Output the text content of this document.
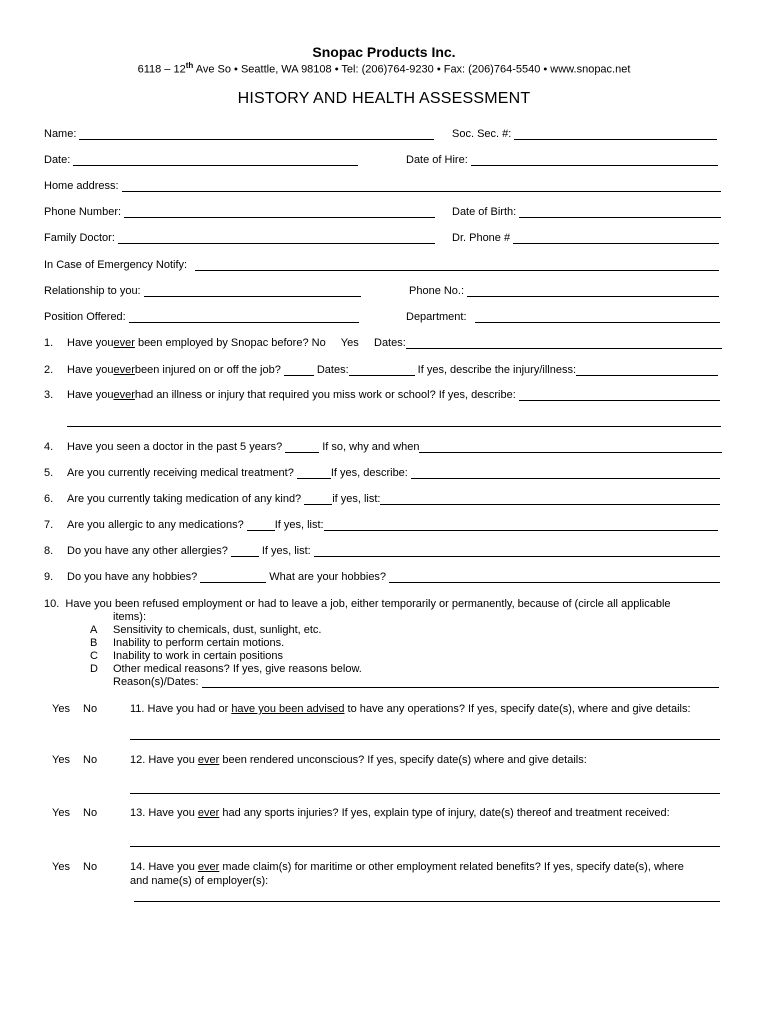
Snopac Products Inc.
6118 – 12th Ave So • Seattle, WA 98108 • Tel: (206)764-9230 • Fax: (206)764-5540 • www.snopac.net
HISTORY AND HEALTH ASSESSMENT
Name:	Soc. Sec. #:
Date:	Date of Hire:
Home address:
Phone Number:	Date of Birth:
Family Doctor:	Dr. Phone #
In Case of Emergency Notify:
Relationship to you:	Phone No.:
Position Offered:	Department:
1.	Have you ever been employed by Snopac before? No     Yes     Dates:
2.	Have you ever been injured on or off the job?	Dates:	If yes, describe the injury/illness:
3.	Have you ever had an illness or injury that required you miss work or school? If yes, describe:
4.	Have you seen a doctor in the past 5 years?	If so, why and when
5.	Are you currently receiving medical treatment?	If yes, describe:
6.	Are you currently taking medication of any kind?	if yes, list:
7.	Are you allergic to any medications?	If yes, list:
8.	Do you have any other allergies?	If yes, list:
9.	Do you have any hobbies?	What are your hobbies?
10. Have you been refused employment or had to leave a job, either temporarily or permanently, because of (circle all applicable
items):
A Sensitivity to chemicals, dust, sunlight, etc.
B Inability to perform certain motions.
C Inability to work in certain positions
D Other medical reasons? If yes, give reasons below.
Reason(s)/Dates:
Yes No	11. Have you had or have you been advised to have any operations? If yes, specify date(s), where and give details:
Yes No	12. Have you ever been rendered unconscious? If yes, specify date(s) where and give details:
Yes No	13. Have you ever had any sports injuries? If yes, explain type of injury, date(s) thereof and treatment received:
Yes No	14. Have you ever made claim(s) for maritime or other employment related benefits? If yes, specify date(s), where
and name(s) of employer(s):
